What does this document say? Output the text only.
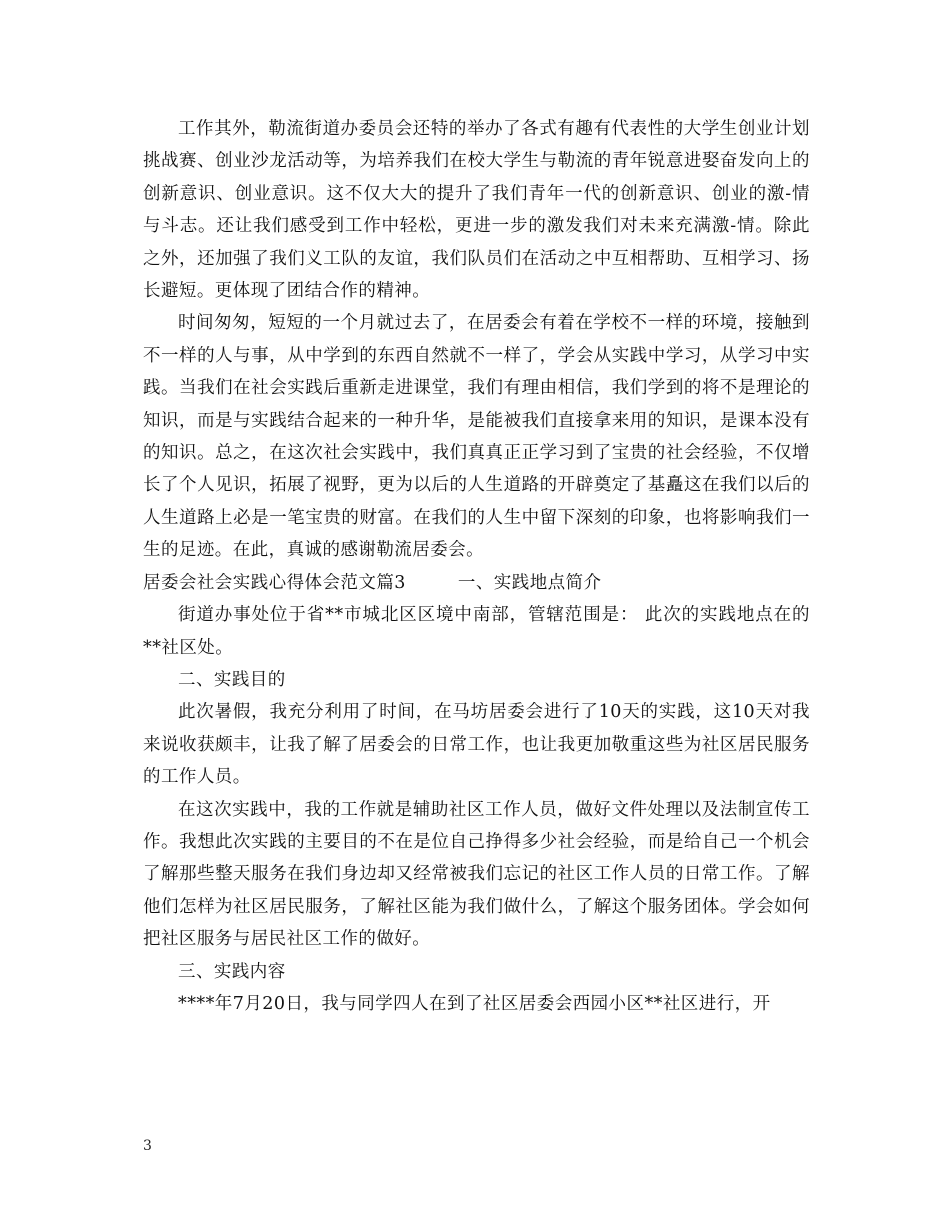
工作其外，勒流街道办委员会还特的举办了各式有趣有代表性的大学生创业计划挑战赛、创业沙龙活动等，为培养我们在校大学生与勒流的青年锐意进娶奋发向上的创新意识、创业意识。这不仅大大的提升了我们青年一代的创新意识、创业的激-情与斗志。还让我们感受到工作中轻松，更进一步的激发我们对未来充满激-情。除此之外，还加强了我们义工队的友谊，我们队员们在活动之中互相帮助、互相学习、扬长避短。更体现了团结合作的精神。

时间匆匆，短短的一个月就过去了，在居委会有着在学校不一样的环境，接触到不一样的人与事，从中学到的东西自然就不一样了，学会从实践中学习，从学习中实践。当我们在社会实践后重新走进课堂，我们有理由相信，我们学到的将不是理论的知识，而是与实践结合起来的一种升华，是能被我们直接拿来用的知识，是课本没有的知识。总之，在这次社会实践中，我们真真正正学习到了宝贵的社会经验，不仅增长了个人见识，拓展了视野，更为以后的人生道路的开辟奠定了基矗这在我们以后的人生道路上必是一笔宝贵的财富。在我们的人生中留下深刻的印象，也将影响我们一生的足迹。在此，真诚的感谢勒流居委会。

居委会社会实践心得体会范文篇3	一、实践地点简介

街道办事处位于省**市城北区区境中南部，管辖范围是： 此次的实践地点在的**社区处。

二、实践目的

此次暑假，我充分利用了时间，在马坊居委会进行了10天的实践，这10天对我来说收获颇丰，让我了解了居委会的日常工作，也让我更加敬重这些为社区居民服务的工作人员。

在这次实践中，我的工作就是辅助社区工作人员，做好文件处理以及法制宣传工作。我想此次实践的主要目的不在是位自己挣得多少社会经验，而是给自己一个机会了解那些整天服务在我们身边却又经常被我们忘记的社区工作人员的日常工作。了解他们怎样为社区居民服务，了解社区能为我们做什么，了解这个服务团体。学会如何把社区服务与居民社区工作的做好。

三、实践内容

****年7月20日，我与同学四人在到了社区居委会西园小区**社区进行，开

3
